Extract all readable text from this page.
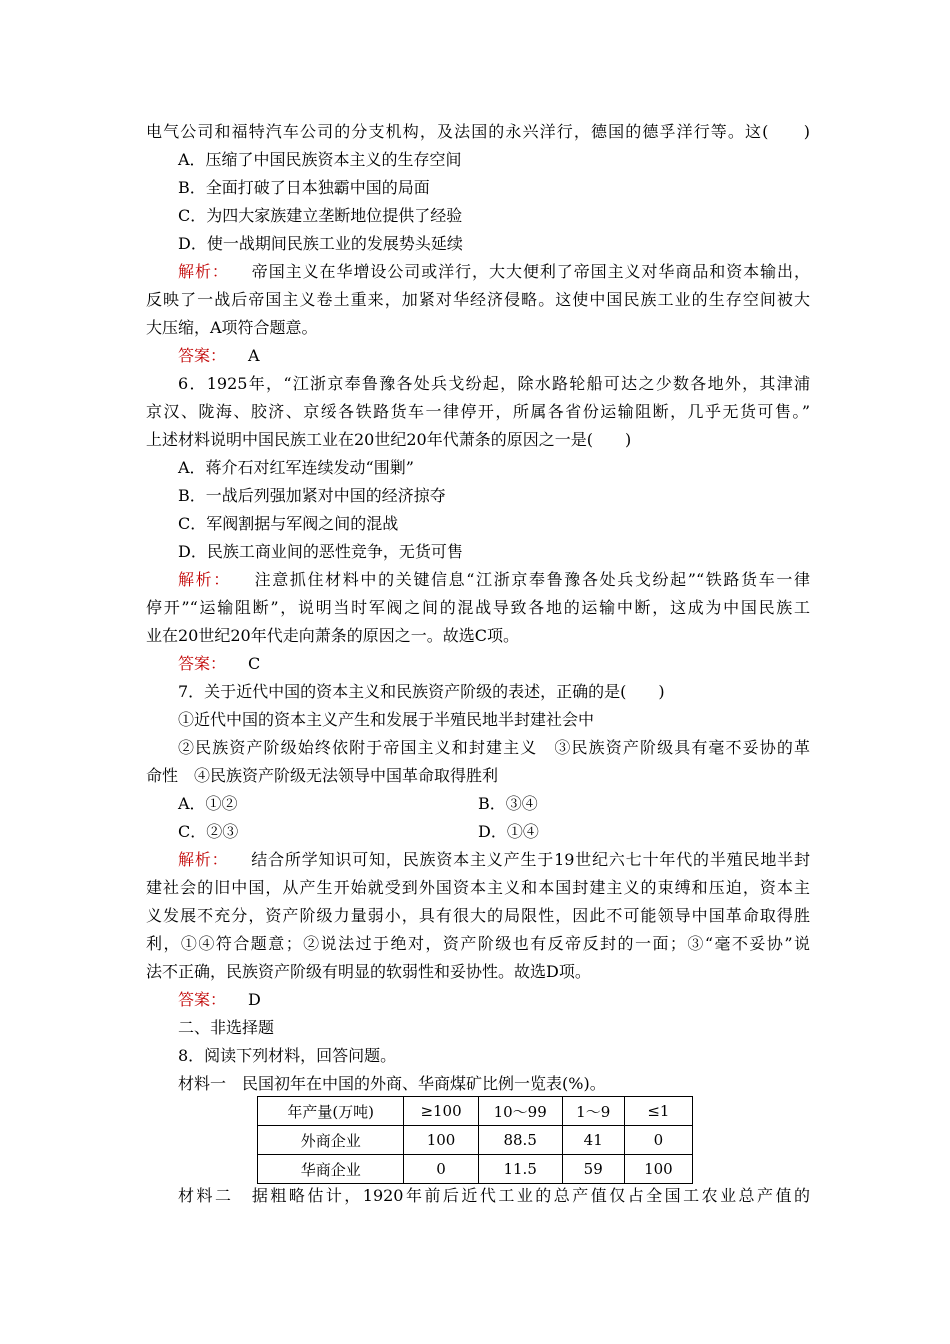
电气公司和福特汽车公司的分支机构，及法国的永兴洋行，德国的德孚洋行等。这(　　)
A．压缩了中国民族资本主义的生存空间
B．全面打破了日本独霸中国的局面
C．为四大家族建立垄断地位提供了经验
D．使一战期间民族工业的发展势头延续
解析： 帝国主义在华增设公司或洋行，大大便利了帝国主义对华商品和资本输出，
反映了一战后帝国主义卷土重来，加紧对华经济侵略。这使中国民族工业的生存空间被大
大压缩，A项符合题意。
答案： A
6．1925年，“江浙京奉鲁豫各处兵戈纷起，除水路轮船可达之少数各地外，其津浦
京汉、陇海、胶济、京绥各铁路货车一律停开，所属各省份运输阻断，几乎无货可售。”
上述材料说明中国民族工业在20世纪20年代萧条的原因之一是(　　)
A．蒋介石对红军连续发动“围剿”
B．一战后列强加紧对中国的经济掠夺
C．军阀割据与军阀之间的混战
D．民族工商业间的恶性竞争，无货可售
解析： 注意抓住材料中的关键信息“江浙京奉鲁豫各处兵戈纷起”“铁路货车一律
停开”“运输阻断”，说明当时军阀之间的混战导致各地的运输中断，这成为中国民族工
业在20世纪20年代走向萧条的原因之一。故选C项。
答案： C
7．关于近代中国的资本主义和民族资产阶级的表述，正确的是(　　)
①近代中国的资本主义产生和发展于半殖民地半封建社会中
②民族资产阶级始终依附于帝国主义和封建主义　③民族资产阶级具有毫不妥协的革
命性　④民族资产阶级无法领导中国革命取得胜利
A．①②	B．③④
C．②③	D．①④
解析： 结合所学知识可知，民族资本主义产生于19世纪六七十年代的半殖民地半封
建社会的旧中国，从产生开始就受到外国资本主义和本国封建主义的束缚和压迫，资本主
义发展不充分，资产阶级力量弱小，具有很大的局限性，因此不可能领导中国革命取得胜
利，①④符合题意；②说法过于绝对，资产阶级也有反帝反封的一面；③“毫不妥协”说
法不正确，民族资产阶级有明显的软弱性和妥协性。故选D项。
答案： D
二、非选择题
8．阅读下列材料，回答问题。
材料一　民国初年在中国的外商、华商煤矿比例一览表(%)。
年产量(万吨)	≥100	10～99	1～9	≤1
外商企业	100	88.5	41	0
华商企业	0	11.5	59	100
材料二　据粗略估计，1920年前后近代工业的总产值仅占全国工农业总产值的
